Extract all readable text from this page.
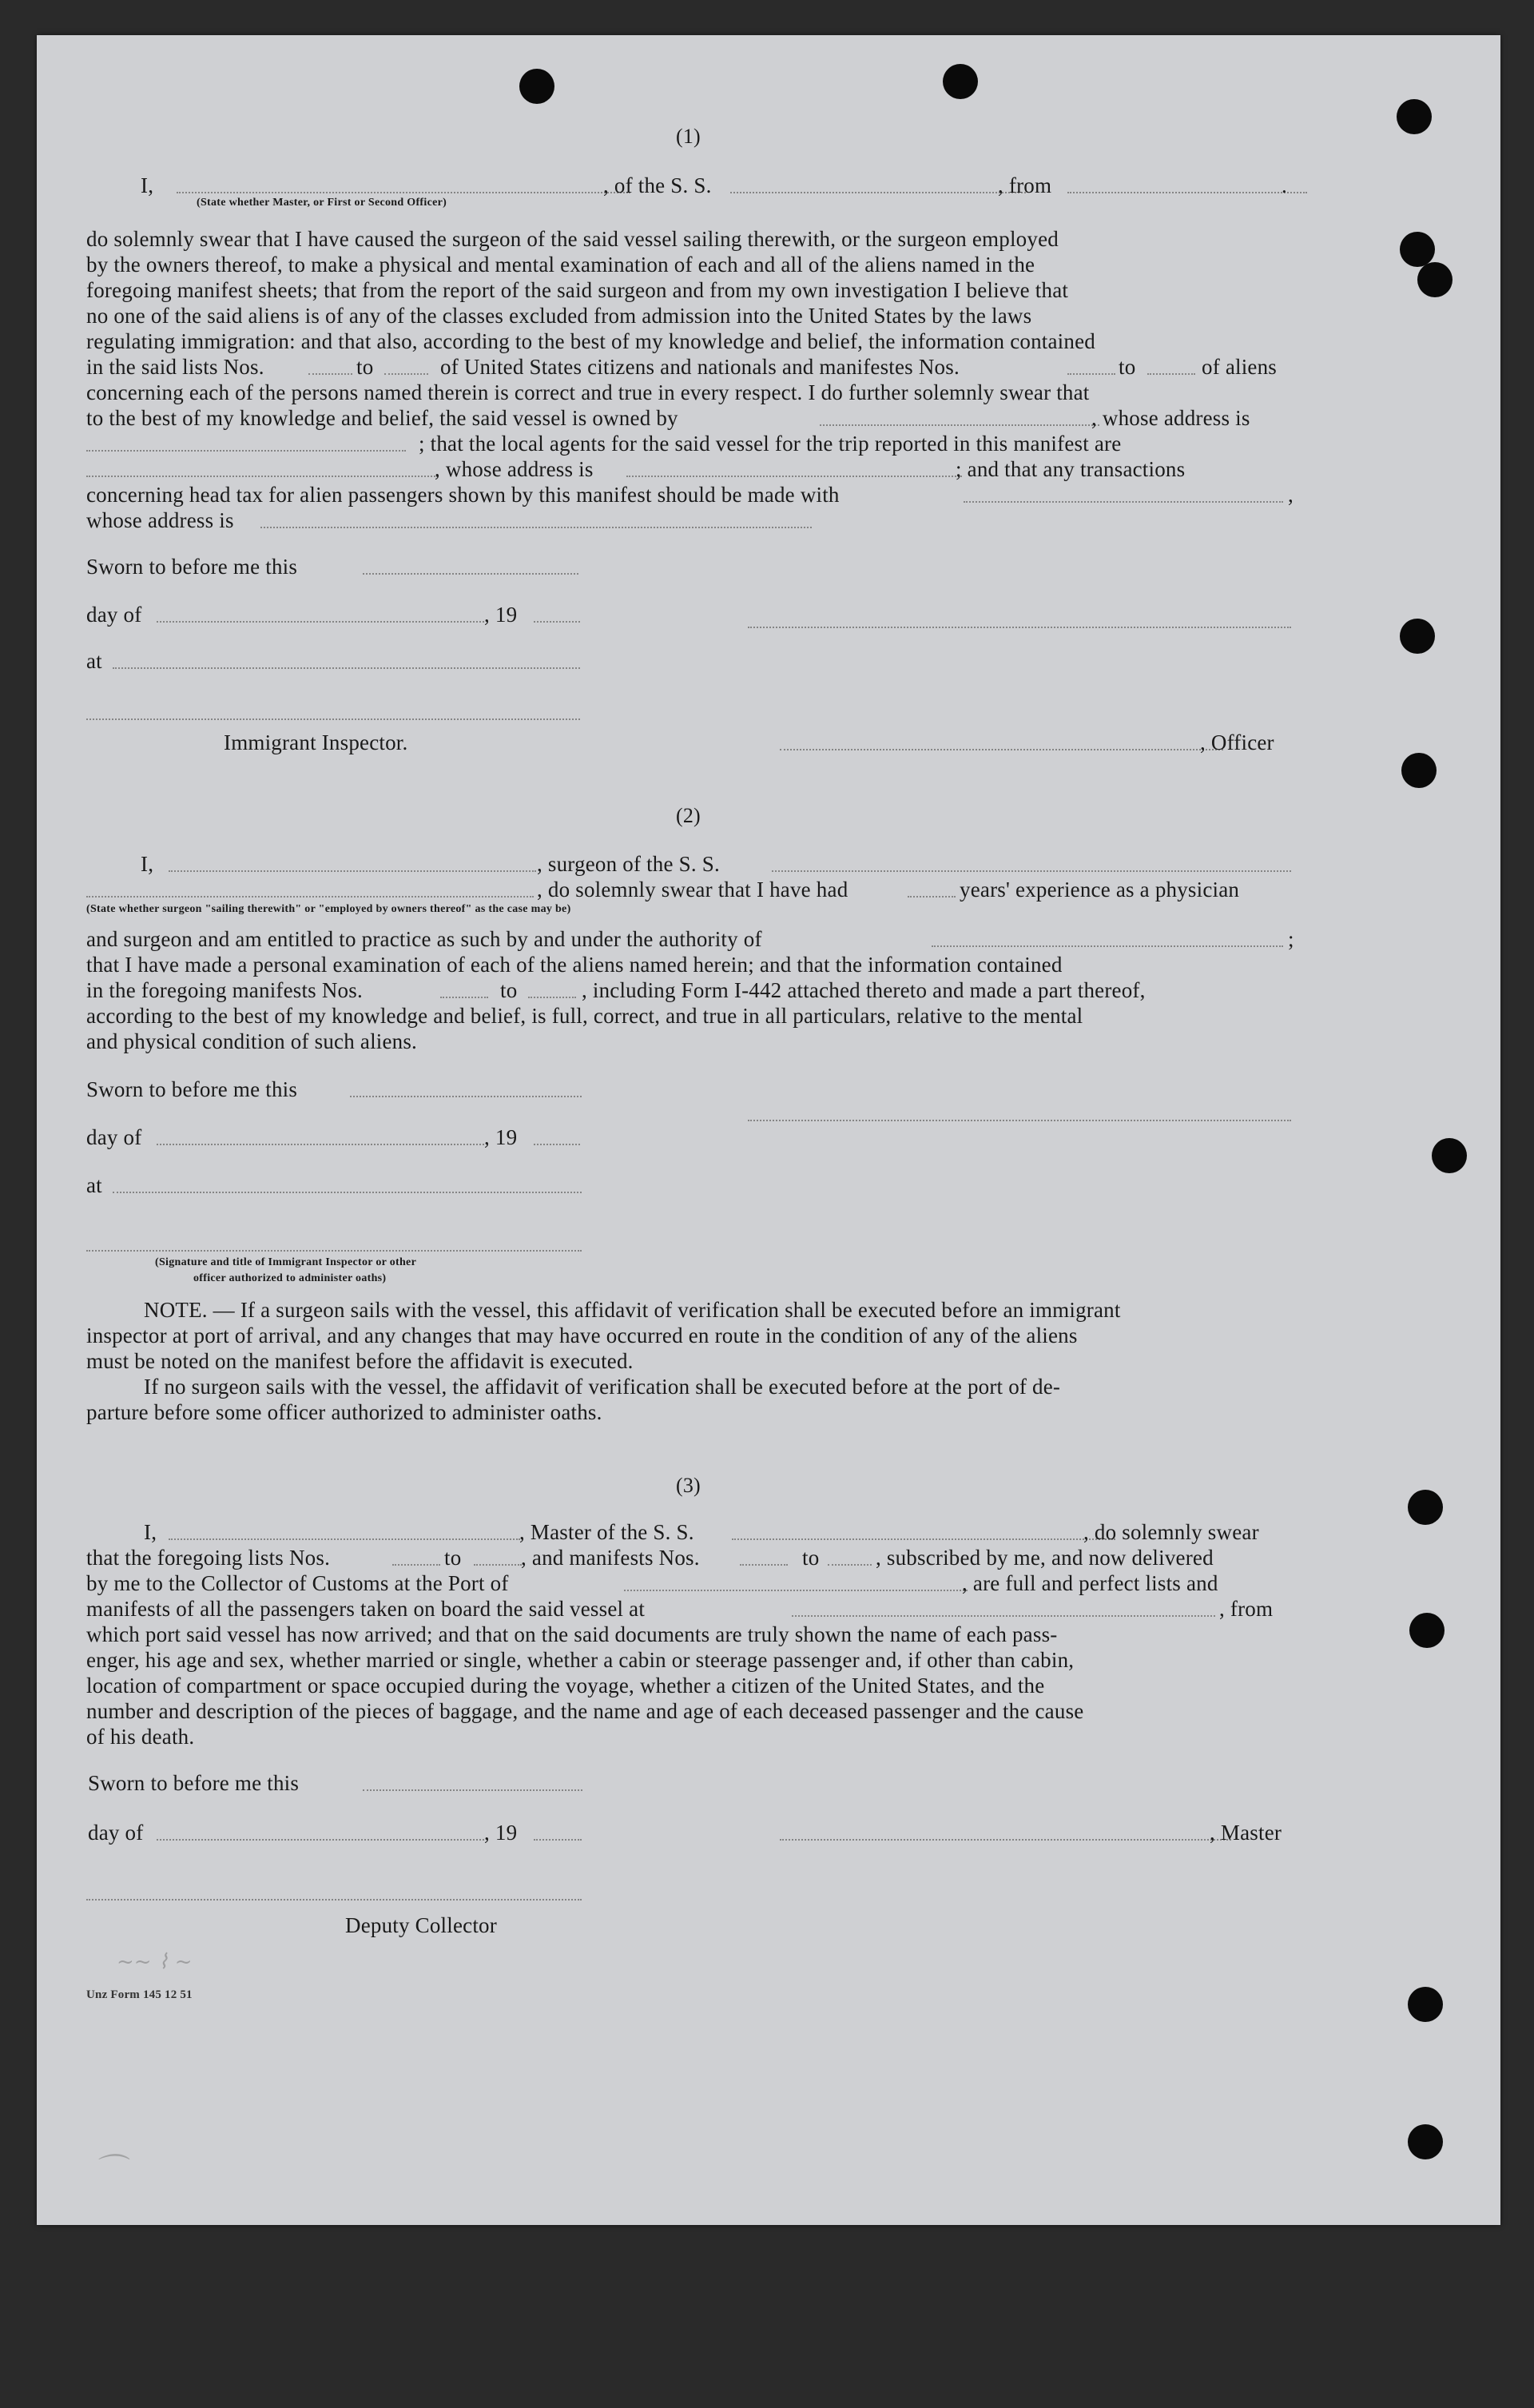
(1)
I,	, of the S. S.	, from	.
(State whether Master, or First or Second Officer)
do solemnly swear that I have caused the surgeon of the said vessel sailing therewith, or the surgeon employed
by the owners thereof, to make a physical and mental examination of each and all of the aliens named in the
foregoing manifest sheets; that from the report of the said surgeon and from my own investigation I believe that
no one of the said aliens is of any of the classes excluded from admission into the United States by the laws
regulating immigration: and that also, according to the best of my knowledge and belief, the information contained
in the said lists Nos.	to	of United States citizens and nationals and manifestes Nos.	to	of aliens
concerning each of the persons named therein is correct and true in every respect. I do further solemnly swear that
to the best of my knowledge and belief, the said vessel is owned by	, whose address is
; that the local agents for the said vessel for the trip reported in this manifest are
, whose address is	; and that any transactions
concerning head tax for alien passengers shown by this manifest should be made with	,
whose address is
Sworn to before me this
day of	, 19
at
Immigrant Inspector.	, Officer
(2)
I,	, surgeon of the S. S.
, do solemnly swear that I have had	years' experience as a physician
(State whether surgeon "sailing therewith" or "employed by owners thereof" as the case may be)
and surgeon and am entitled to practice as such by and under the authority of	;
that I have made a personal examination of each of the aliens named herein; and that the information contained
in the foregoing manifests Nos.	to	, including Form I-442 attached thereto and made a part thereof,
according to the best of my knowledge and belief, is full, correct, and true in all particulars, relative to the mental
and physical condition of such aliens.
Sworn to before me this
day of	, 19
at
(Signature and title of Immigrant Inspector or other
officer authorized to administer oaths)
NOTE. — If a surgeon sails with the vessel, this affidavit of verification shall be executed before an immigrant
inspector at port of arrival, and any changes that may have occurred en route in the condition of any of the aliens
must be noted on the manifest before the affidavit is executed.
If no surgeon sails with the vessel, the affidavit of verification shall be executed before at the port of de-
parture before some officer authorized to administer oaths.
(3)
I,	, Master of the S. S.	, do solemnly swear
that the foregoing lists Nos.	to	, and manifests Nos.	to	, subscribed by me, and now delivered
by me to the Collector of Customs at the Port of	, are full and perfect lists and
manifests of all the passengers taken on board the said vessel at	, from
which port said vessel has now arrived; and that on the said documents are truly shown the name of each pass-
enger, his age and sex, whether married or single, whether a cabin or steerage passenger and, if other than cabin,
location of compartment or space occupied during the voyage, whether a citizen of the United States, and the
number and description of the pieces of baggage, and the name and age of each deceased passenger and the cause
of his death.
Sworn to before me this
day of	, 19	, Master
Deputy Collector
~~ ⌇ ~
Unz Form 145 12 51
⌒
